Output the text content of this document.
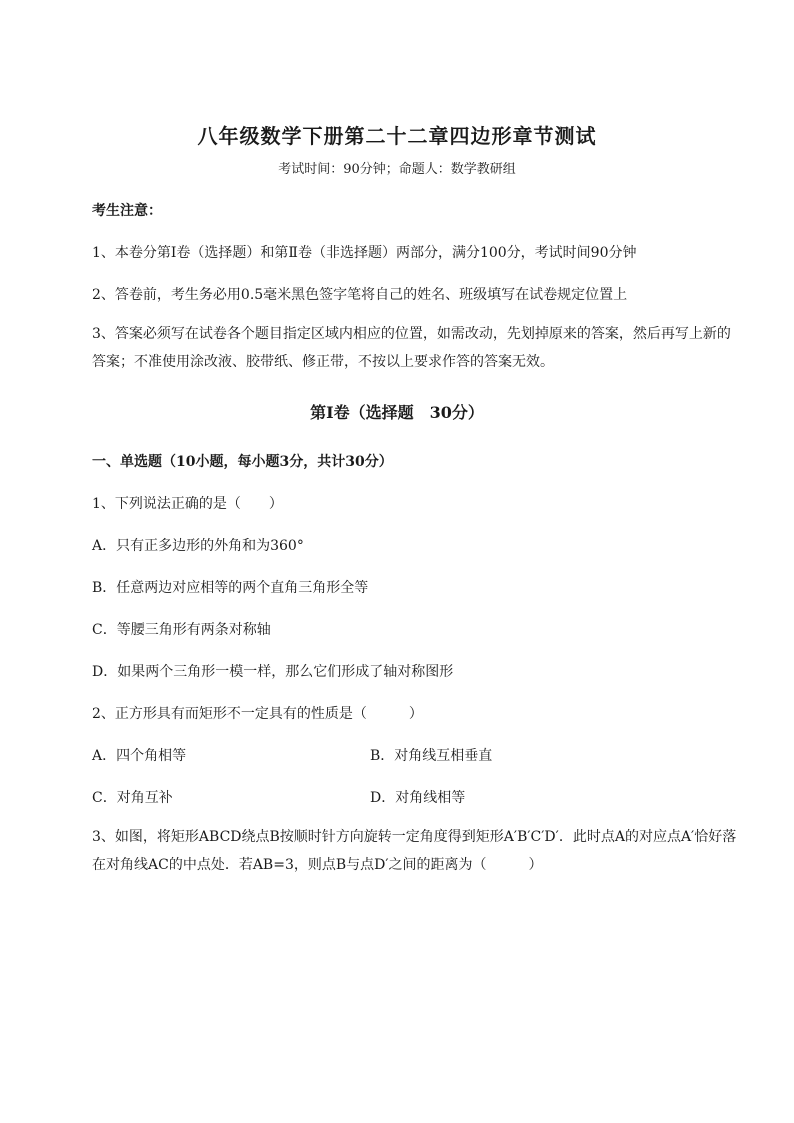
八年级数学下册第二十二章四边形章节测试
考试时间：90分钟；命题人：数学教研组
考生注意：
1、本卷分第Ⅰ卷（选择题）和第Ⅱ卷（非选择题）两部分，满分100分，考试时间90分钟
2、答卷前，考生务必用0.5毫米黑色签字笔将自己的姓名、班级填写在试卷规定位置上
3、答案必须写在试卷各个题目指定区域内相应的位置，如需改动，先划掉原来的答案，然后再写上新的答案；不准使用涂改液、胶带纸、修正带，不按以上要求作答的答案无效。
第Ⅰ卷（选择题　30分）
一、单选题（10小题，每小题3分，共计30分）
1、下列说法正确的是（　　）
A．只有正多边形的外角和为360°
B．任意两边对应相等的两个直角三角形全等
C．等腰三角形有两条对称轴
D．如果两个三角形一模一样，那么它们形成了轴对称图形
2、正方形具有而矩形不一定具有的性质是（　　　）
A．四个角相等	B．对角线互相垂直
C．对角互补	D．对角线相等
3、如图，将矩形ABCD绕点B按顺时针方向旋转一定角度得到矩形A′B′C′D′．此时点A的对应点A′恰好落在对角线AC的中点处．若AB=3，则点B与点D′之间的距离为（　　　）
